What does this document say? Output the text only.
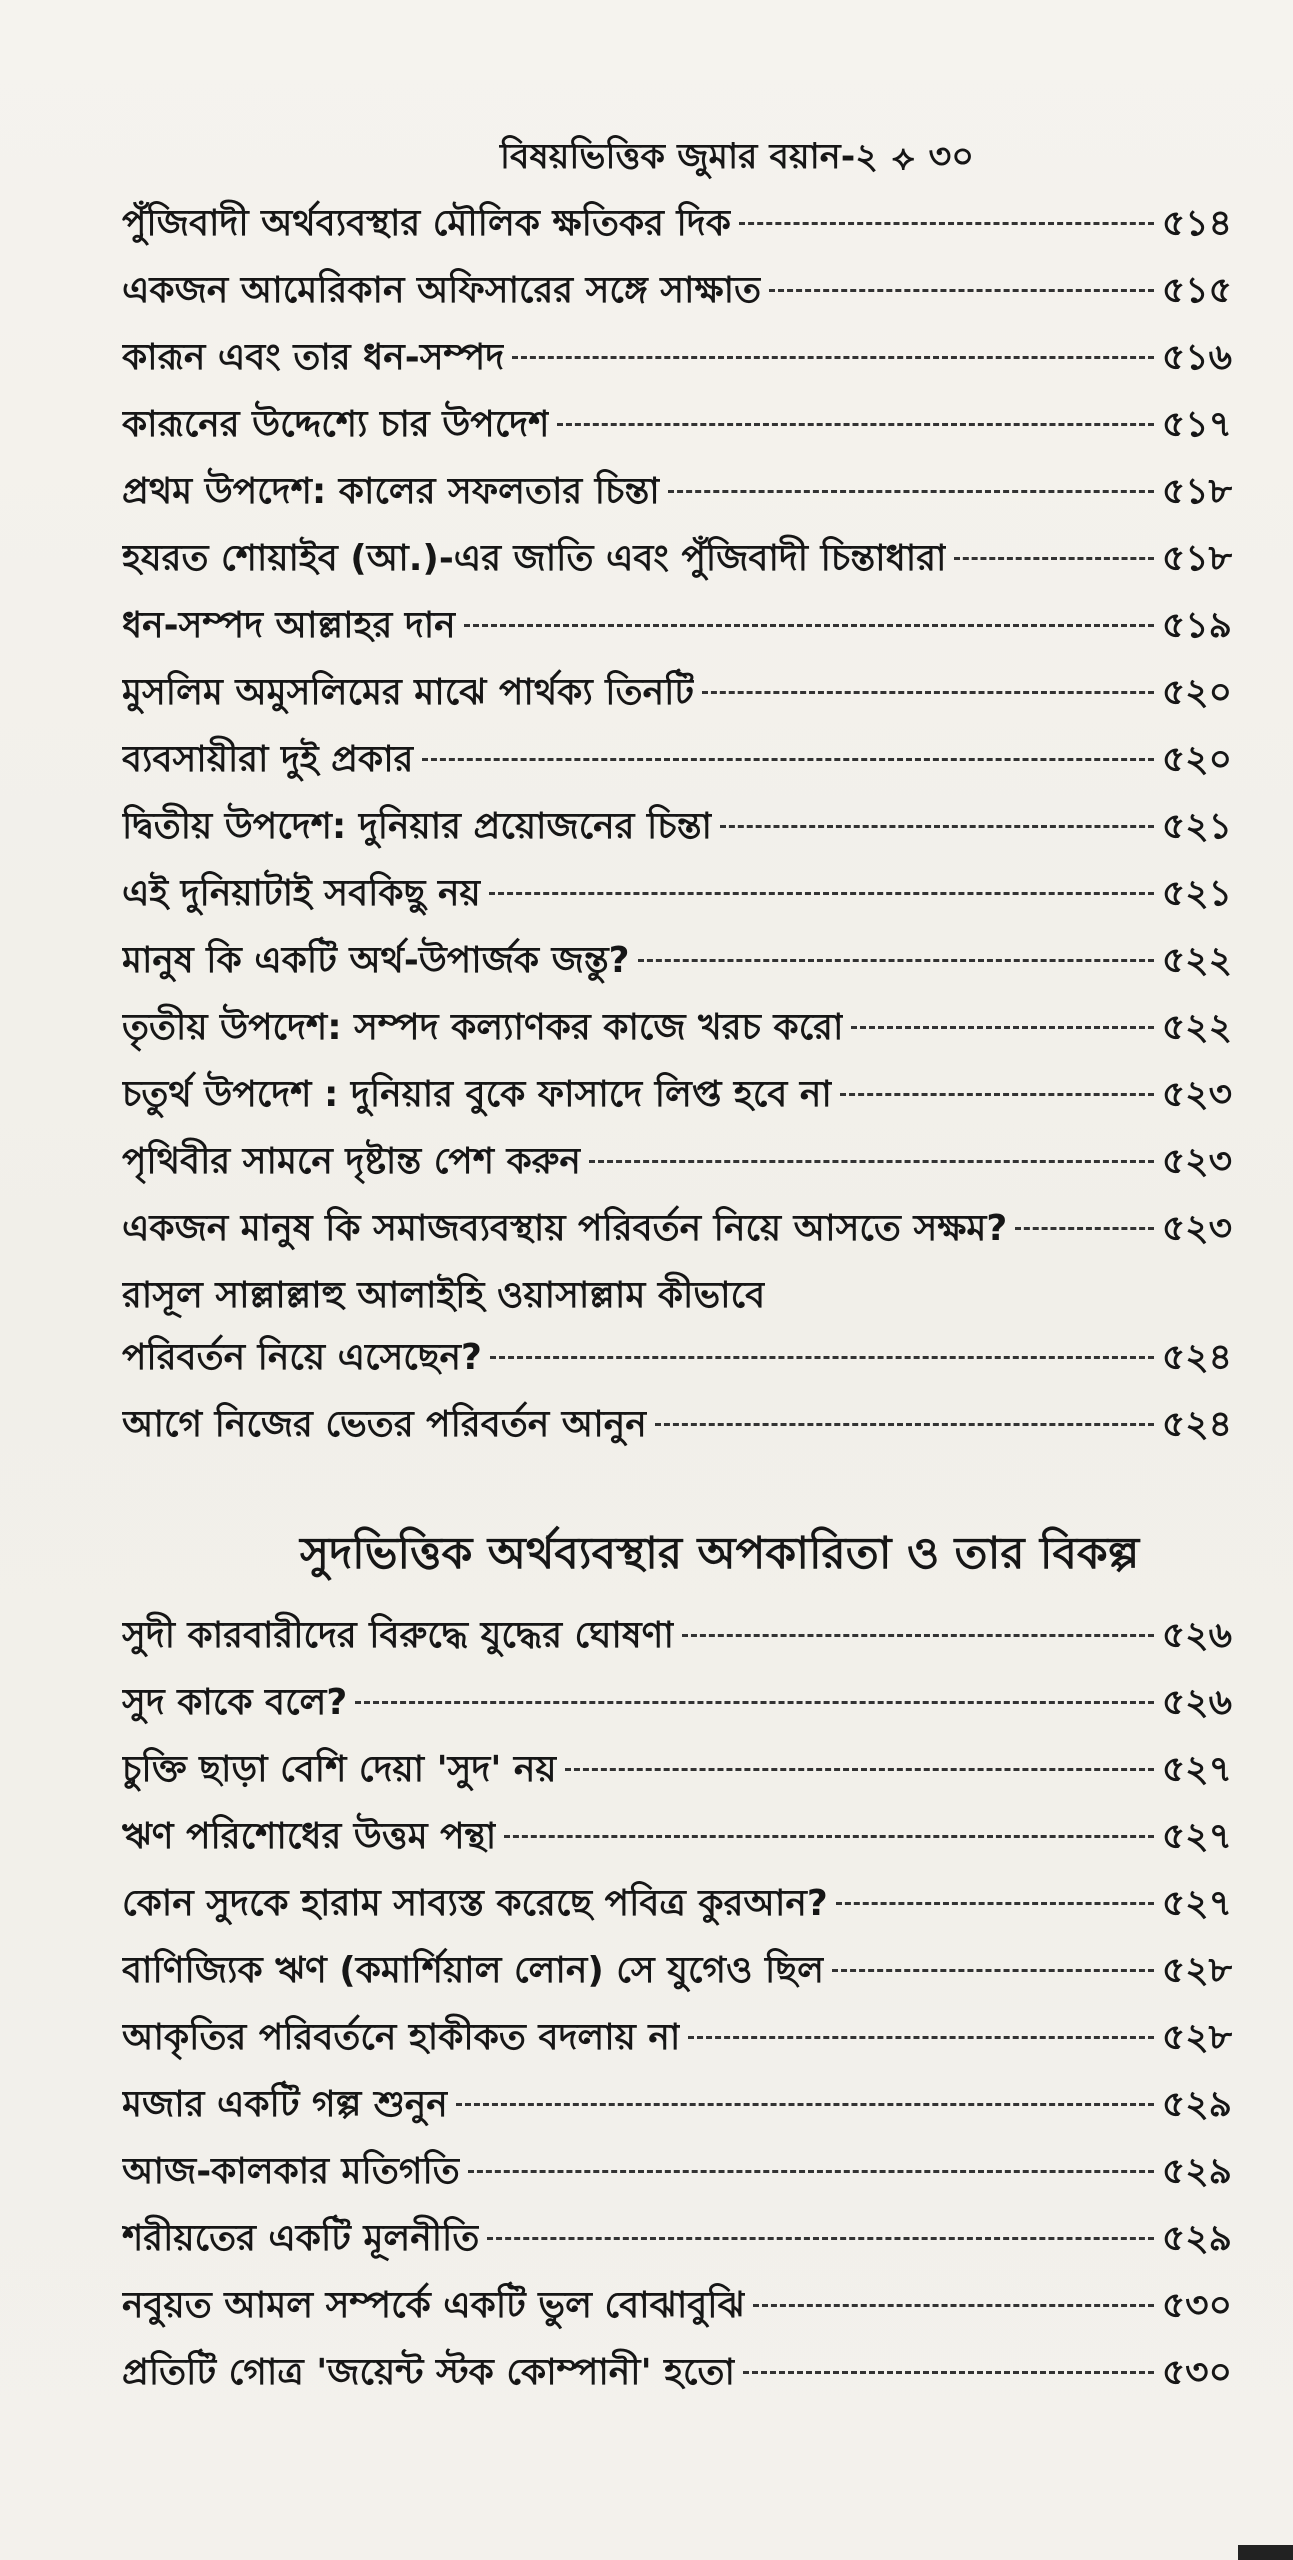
বিষয়ভিত্তিক জুমার বয়ান-২ ⟡ ৩০
পুঁজিবাদী অর্থব্যবস্থার মৌলিক ক্ষতিকর দিক	৫১৪
একজন আমেরিকান অফিসারের সঙ্গে সাক্ষাত	৫১৫
কারূন এবং তার ধন-সম্পদ	৫১৬
কারূনের উদ্দেশ্যে চার উপদেশ	৫১৭
প্রথম উপদেশ: কালের সফলতার চিন্তা	৫১৮
হযরত শোয়াইব (আ.)-এর জাতি এবং পুঁজিবাদী চিন্তাধারা	৫১৮
ধন-সম্পদ আল্লাহর দান	৫১৯
মুসলিম অমুসলিমের মাঝে পার্থক্য তিনটি	৫২০
ব্যবসায়ীরা দুই প্রকার	৫২০
দ্বিতীয় উপদেশ: দুনিয়ার প্রয়োজনের চিন্তা	৫২১
এই দুনিয়াটাই সবকিছু নয়	৫২১
মানুষ কি একটি অর্থ-উপার্জক জন্তু?	৫২২
তৃতীয় উপদেশ: সম্পদ কল্যাণকর কাজে খরচ করো	৫২২
চতুর্থ উপদেশ : দুনিয়ার বুকে ফাসাদে লিপ্ত হবে না	৫২৩
পৃথিবীর সামনে দৃষ্টান্ত পেশ করুন	৫২৩
একজন মানুষ কি সমাজব্যবস্থায় পরিবর্তন নিয়ে আসতে সক্ষম?	৫২৩
রাসূল সাল্লাল্লাহু আলাইহি ওয়াসাল্লাম কীভাবে
পরিবর্তন নিয়ে এসেছেন?	৫২৪
আগে নিজের ভেতর পরিবর্তন আনুন	৫২৪
সুদভিত্তিক অর্থব্যবস্থার অপকারিতা ও তার বিকল্প
সুদী কারবারীদের বিরুদ্ধে যুদ্ধের ঘোষণা	৫২৬
সুদ কাকে বলে?	৫২৬
চুক্তি ছাড়া বেশি দেয়া 'সুদ' নয়	৫২৭
ঋণ পরিশোধের উত্তম পন্থা	৫২৭
কোন সুদকে হারাম সাব্যস্ত করেছে পবিত্র কুরআন?	৫২৭
বাণিজ্যিক ঋণ (কমার্শিয়াল লোন) সে যুগেও ছিল	৫২৮
আকৃতির পরিবর্তনে হাকীকত বদলায় না	৫২৮
মজার একটি গল্প শুনুন	৫২৯
আজ-কালকার মতিগতি	৫২৯
শরীয়তের একটি মূলনীতি	৫২৯
নবুয়ত আমল সম্পর্কে একটি ভুল বোঝাবুঝি	৫৩০
প্রতিটি গোত্র 'জয়েন্ট স্টক কোম্পানী' হতো	৫৩০
